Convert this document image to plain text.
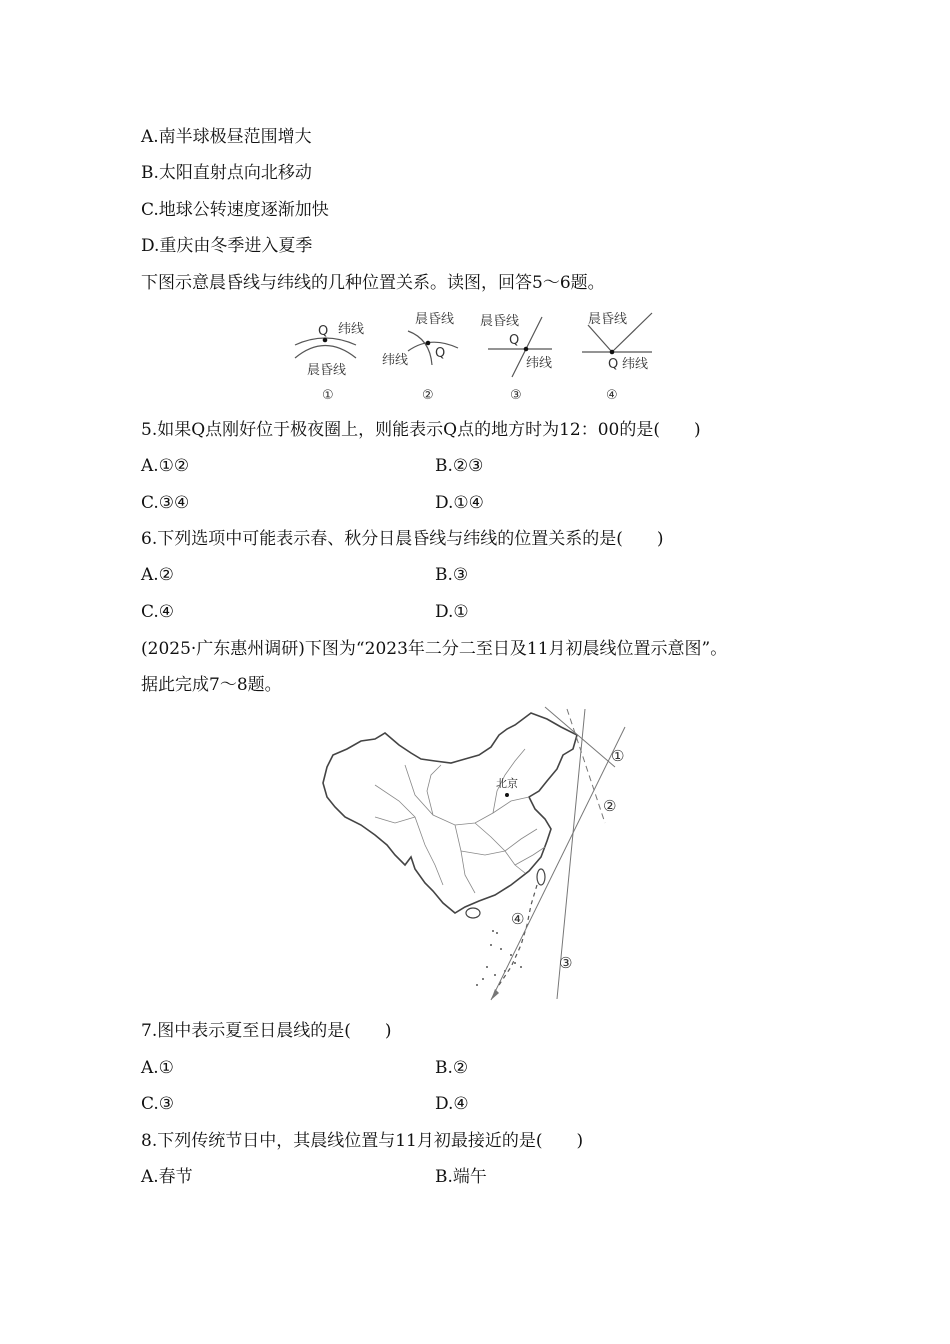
A.南半球极昼范围增大
B.太阳直射点向北移动
C.地球公转速度逐渐加快
D.重庆由冬季进入夏季
下图示意晨昏线与纬线的几种位置关系。读图，回答5～6题。
Q 纬线
晨昏线
①
晨昏线
纬线 Q
②
晨昏线
Q
纬线
③
晨昏线
Q 纬线
④
5.如果Q点刚好位于极夜圈上，则能表示Q点的地方时为12：00的是(　　)
A.①②	B.②③
C.③④	D.①④
6.下列选项中可能表示春、秋分日晨昏线与纬线的位置关系的是(　　)
A.②	B.③
C.④	D.①
(2025·广东惠州调研)下图为“2023年二分二至日及11月初晨线位置示意图”。
据此完成7～8题。
北京
①
②
③
④
7.图中表示夏至日晨线的是(　　)
A.①	B.②
C.③	D.④
8.下列传统节日中，其晨线位置与11月初最接近的是(　　)
A.春节	B.端午
